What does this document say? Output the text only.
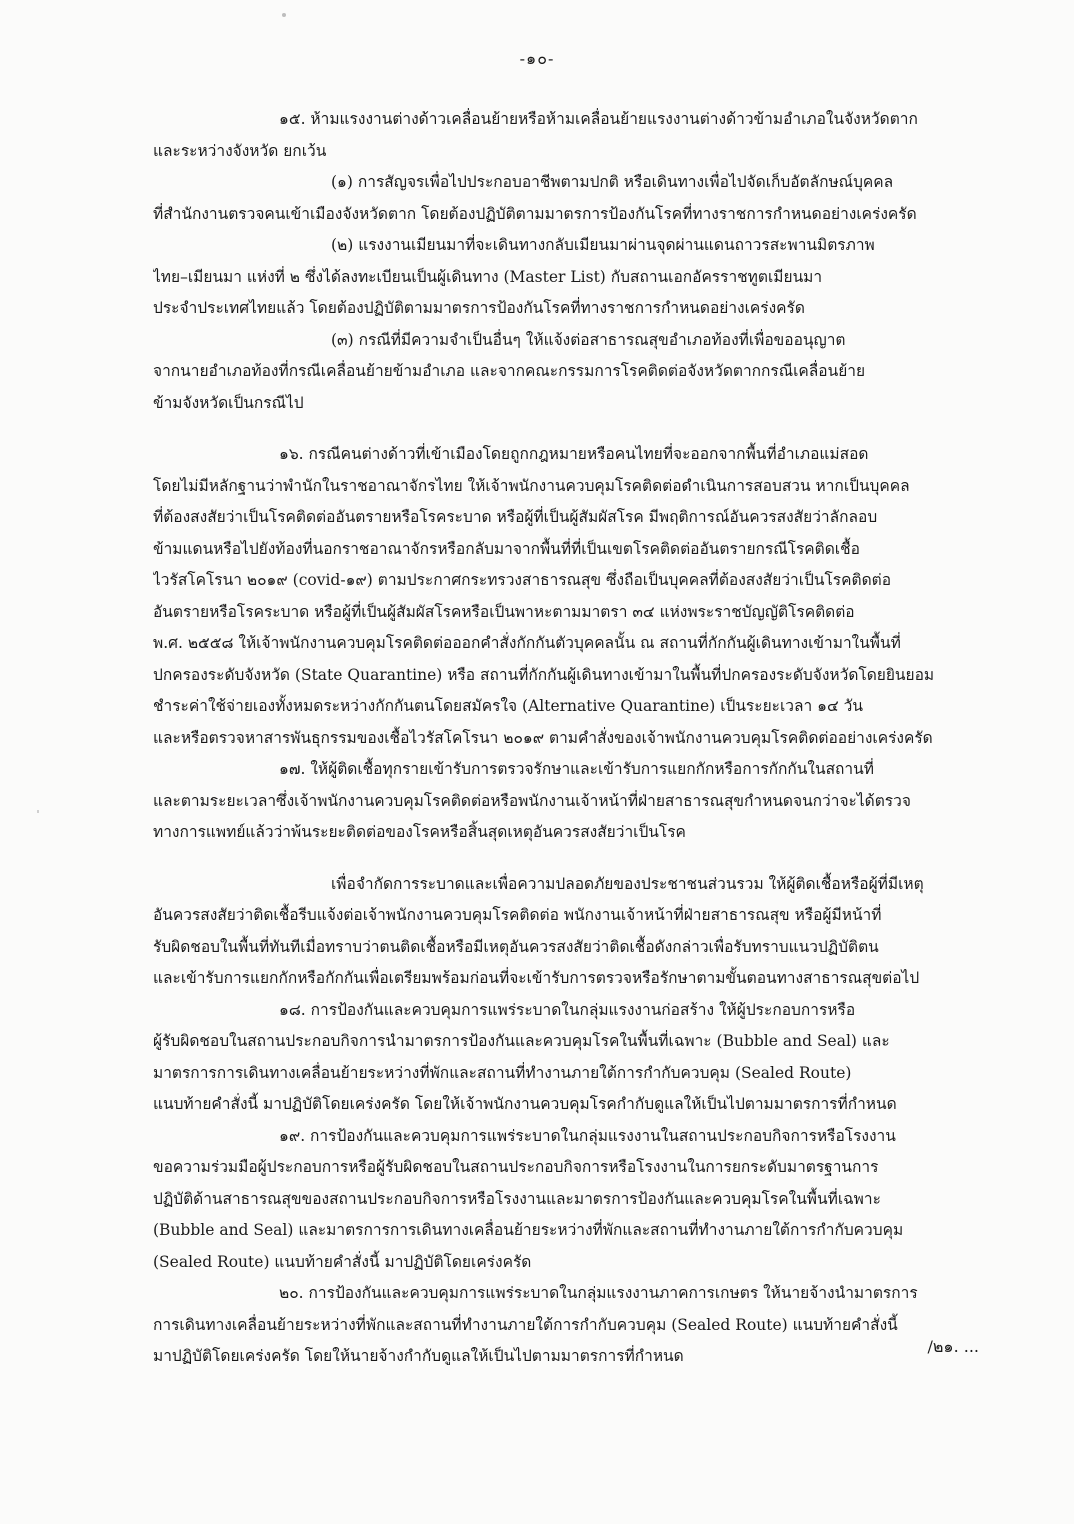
-๑๐-
๑๕. ห้ามแรงงานต่างด้าวเคลื่อนย้ายหรือห้ามเคลื่อนย้ายแรงงานต่างด้าวข้ามอำเภอในจังหวัดตาก
และระหว่างจังหวัด ยกเว้น
(๑) การสัญจรเพื่อไปประกอบอาชีพตามปกติ หรือเดินทางเพื่อไปจัดเก็บอัตลักษณ์บุคคล
ที่สำนักงานตรวจคนเข้าเมืองจังหวัดตาก โดยต้องปฏิบัติตามมาตรการป้องกันโรคที่ทางราชการกำหนดอย่างเคร่งครัด
(๒) แรงงานเมียนมาที่จะเดินทางกลับเมียนมาผ่านจุดผ่านแดนถาวรสะพานมิตรภาพ
ไทย–เมียนมา แห่งที่ ๒ ซึ่งได้ลงทะเบียนเป็นผู้เดินทาง (Master List) กับสถานเอกอัครราชทูตเมียนมา
ประจำประเทศไทยแล้ว โดยต้องปฏิบัติตามมาตรการป้องกันโรคที่ทางราชการกำหนดอย่างเคร่งครัด
(๓) กรณีที่มีความจำเป็นอื่นๆ ให้แจ้งต่อสาธารณสุขอำเภอท้องที่เพื่อขออนุญาต
จากนายอำเภอท้องที่กรณีเคลื่อนย้ายข้ามอำเภอ และจากคณะกรรมการโรคติดต่อจังหวัดตากกรณีเคลื่อนย้าย
ข้ามจังหวัดเป็นกรณีไป
๑๖. กรณีคนต่างด้าวที่เข้าเมืองโดยถูกกฎหมายหรือคนไทยที่จะออกจากพื้นที่อำเภอแม่สอด
โดยไม่มีหลักฐานว่าพำนักในราชอาณาจักรไทย ให้เจ้าพนักงานควบคุมโรคติดต่อดำเนินการสอบสวน หากเป็นบุคคล
ที่ต้องสงสัยว่าเป็นโรคติดต่ออันตรายหรือโรคระบาด หรือผู้ที่เป็นผู้สัมผัสโรค มีพฤติการณ์อันควรสงสัยว่าลักลอบ
ข้ามแดนหรือไปยังท้องที่นอกราชอาณาจักรหรือกลับมาจากพื้นที่ที่เป็นเขตโรคติดต่ออันตรายกรณีโรคติดเชื้อ
ไวรัสโคโรนา ๒๐๑๙ (covid-๑๙) ตามประกาศกระทรวงสาธารณสุข ซึ่งถือเป็นบุคคลที่ต้องสงสัยว่าเป็นโรคติดต่อ
อันตรายหรือโรคระบาด หรือผู้ที่เป็นผู้สัมผัสโรคหรือเป็นพาหะตามมาตรา ๓๔ แห่งพระราชบัญญัติโรคติดต่อ
พ.ศ. ๒๕๕๘ ให้เจ้าพนักงานควบคุมโรคติดต่อออกคำสั่งกักกันตัวบุคคลนั้น ณ สถานที่กักกันผู้เดินทางเข้ามาในพื้นที่
ปกครองระดับจังหวัด (State Quarantine) หรือ สถานที่กักกันผู้เดินทางเข้ามาในพื้นที่ปกครองระดับจังหวัดโดยยินยอม
ชำระค่าใช้จ่ายเองทั้งหมดระหว่างกักกันตนโดยสมัครใจ (Alternative Quarantine) เป็นระยะเวลา ๑๔ วัน
และหรือตรวจหาสารพันธุกรรมของเชื้อไวรัสโคโรนา ๒๐๑๙ ตามคำสั่งของเจ้าพนักงานควบคุมโรคติดต่ออย่างเคร่งครัด
๑๗. ให้ผู้ติดเชื้อทุกรายเข้ารับการตรวจรักษาและเข้ารับการแยกกักหรือการกักกันในสถานที่
และตามระยะเวลาซึ่งเจ้าพนักงานควบคุมโรคติดต่อหรือพนักงานเจ้าหน้าที่ฝ่ายสาธารณสุขกำหนดจนกว่าจะได้ตรวจ
ทางการแพทย์แล้วว่าพ้นระยะติดต่อของโรคหรือสิ้นสุดเหตุอันควรสงสัยว่าเป็นโรค
เพื่อจำกัดการระบาดและเพื่อความปลอดภัยของประชาชนส่วนรวม ให้ผู้ติดเชื้อหรือผู้ที่มีเหตุ
อันควรสงสัยว่าติดเชื้อรีบแจ้งต่อเจ้าพนักงานควบคุมโรคติดต่อ พนักงานเจ้าหน้าที่ฝ่ายสาธารณสุข หรือผู้มีหน้าที่
รับผิดชอบในพื้นที่ทันทีเมื่อทราบว่าตนติดเชื้อหรือมีเหตุอันควรสงสัยว่าติดเชื้อดังกล่าวเพื่อรับทราบแนวปฏิบัติตน
และเข้ารับการแยกกักหรือกักกันเพื่อเตรียมพร้อมก่อนที่จะเข้ารับการตรวจหรือรักษาตามขั้นตอนทางสาธารณสุขต่อไป
๑๘. การป้องกันและควบคุมการแพร่ระบาดในกลุ่มแรงงานก่อสร้าง ให้ผู้ประกอบการหรือ
ผู้รับผิดชอบในสถานประกอบกิจการนำมาตรการป้องกันและควบคุมโรคในพื้นที่เฉพาะ (Bubble and Seal) และ
มาตรการการเดินทางเคลื่อนย้ายระหว่างที่พักและสถานที่ทำงานภายใต้การกำกับควบคุม (Sealed Route)
แนบท้ายคำสั่งนี้ มาปฏิบัติโดยเคร่งครัด โดยให้เจ้าพนักงานควบคุมโรคกำกับดูแลให้เป็นไปตามมาตรการที่กำหนด
๑๙. การป้องกันและควบคุมการแพร่ระบาดในกลุ่มแรงงานในสถานประกอบกิจการหรือโรงงาน
ขอความร่วมมือผู้ประกอบการหรือผู้รับผิดชอบในสถานประกอบกิจการหรือโรงงานในการยกระดับมาตรฐานการ
ปฏิบัติด้านสาธารณสุขของสถานประกอบกิจการหรือโรงงานและมาตรการป้องกันและควบคุมโรคในพื้นที่เฉพาะ
(Bubble and Seal) และมาตรการการเดินทางเคลื่อนย้ายระหว่างที่พักและสถานที่ทำงานภายใต้การกำกับควบคุม
(Sealed Route) แนบท้ายคำสั่งนี้ มาปฏิบัติโดยเคร่งครัด
๒๐. การป้องกันและควบคุมการแพร่ระบาดในกลุ่มแรงงานภาคการเกษตร ให้นายจ้างนำมาตรการ
การเดินทางเคลื่อนย้ายระหว่างที่พักและสถานที่ทำงานภายใต้การกำกับควบคุม (Sealed Route) แนบท้ายคำสั่งนี้
มาปฏิบัติโดยเคร่งครัด โดยให้นายจ้างกำกับดูแลให้เป็นไปตามมาตรการที่กำหนด	/๒๑. ...
